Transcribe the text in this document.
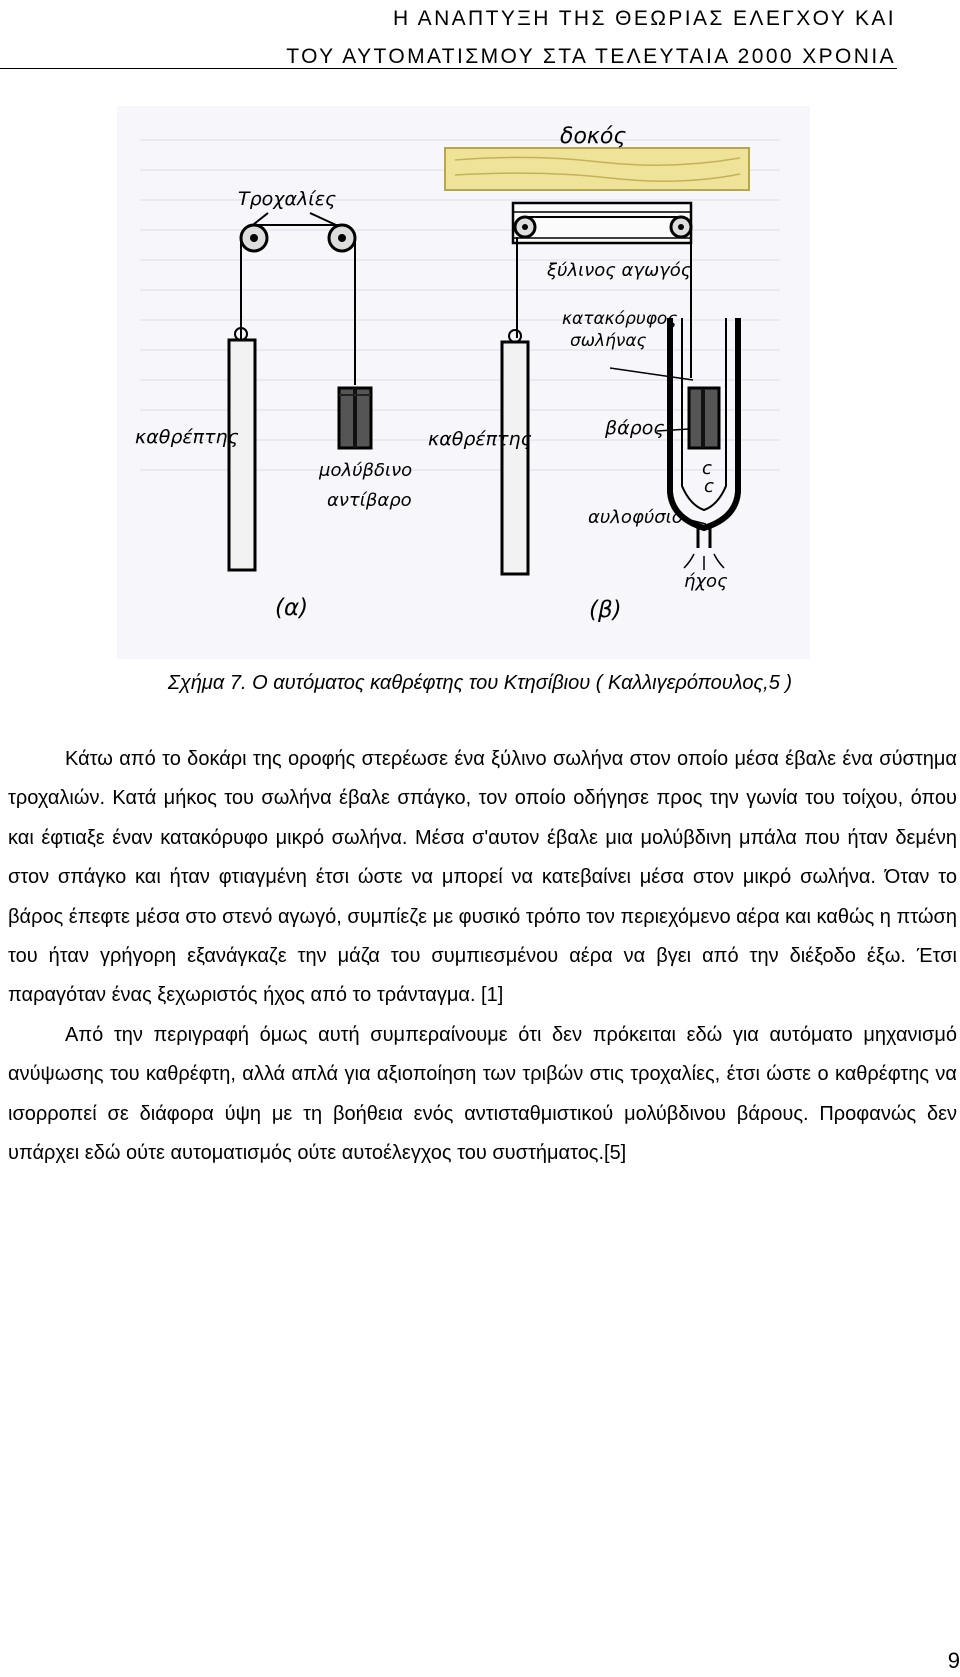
Η ΑΝΑΠΤΥΞΗ ΤΗΣ ΘΕΩΡΙΑΣ ΕΛΕΓΧΟΥ ΚΑΙ
ΤΟΥ ΑΥΤΟΜΑΤΙΣΜΟΥ ΣΤΑ ΤΕΛΕΥΤΑΙΑ 2000 ΧΡΟΝΙΑ
c
c
δοκός
Τροχαλίες
ξύλινος αγωγός
κατακόρυφος
σωλήνας
βάρος
καθρέπτης	καθρέπτης
μολύβδινο
αντίβαρο
αυλοφύσιο
ήχος
(α)	(β)
Σχήμα 7. Ο αυτόματος καθρέφτης του Κτησίβιου ( Καλλιγερόπουλος,5 )

Κάτω από το δοκάρι της οροφής στερέωσε ένα ξύλινο σωλήνα στον οποίο μέσα έβαλε ένα σύστημα τροχαλιών. Κατά μήκος του σωλήνα έβαλε σπάγκο, τον οποίο οδήγησε προς την γωνία του τοίχου, όπου και έφτιαξε έναν κατακόρυφο μικρό σωλήνα. Μέσα σ'αυτον έβαλε μια μολύβδινη μπάλα που ήταν δεμένη στον σπάγκο και ήταν φτιαγμένη έτσι ώστε να μπορεί να κατεβαίνει μέσα στον μικρό σωλήνα. Όταν το βάρος έπεφτε μέσα στο στενό αγωγό, συμπίεζε με φυσικό τρόπο τον περιεχόμενο αέρα και καθώς η πτώση του ήταν γρήγορη εξανάγκαζε την μάζα του συμπιεσμένου αέρα να βγει από την διέξοδο έξω. Έτσι παραγόταν ένας ξεχωριστός ήχος από το τράνταγμα. [1]

Από την περιγραφή όμως αυτή συμπεραίνουμε ότι δεν πρόκειται εδώ για αυτόματο μηχανισμό ανύψωσης του καθρέφτη, αλλά απλά για αξιοποίηση των τριβών στις τροχαλίες, έτσι ώστε ο καθρέφτης να ισορροπεί σε διάφορα ύψη με τη βοήθεια ενός αντισταθμιστικού μολύβδινου βάρους. Προφανώς δεν υπάρχει εδώ ούτε αυτοματισμός ούτε αυτοέλεγχος του συστήματος.[5]

9
